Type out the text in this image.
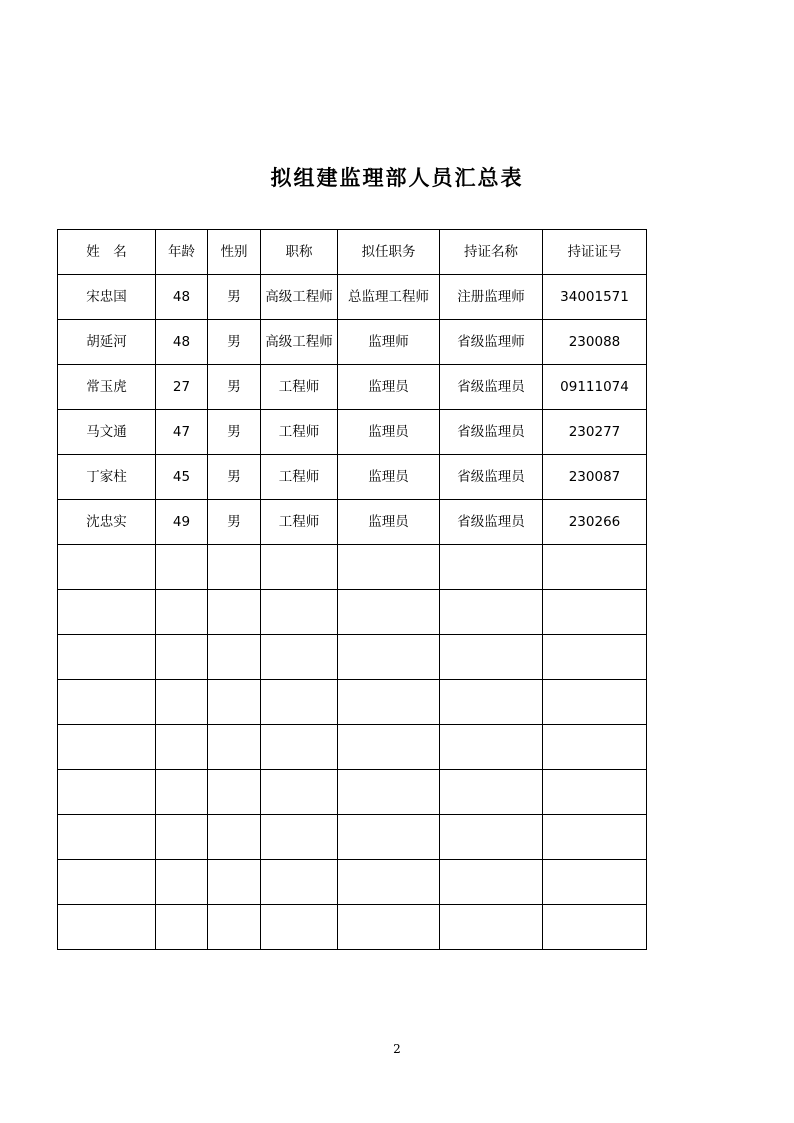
拟组建监理部人员汇总表
姓　名	年龄	性别	职称	拟任职务	持证名称	持证证号
宋忠国	48	男	高级工程师	总监理工程师	注册监理师	34001571
胡延河	48	男	高级工程师	监理师	省级监理师	230088
常玉虎	27	男	工程师	监理员	省级监理员	09111074
马文通	47	男	工程师	监理员	省级监理员	230277
丁家柱	45	男	工程师	监理员	省级监理员	230087
沈忠实	49	男	工程师	监理员	省级监理员	230266

2
